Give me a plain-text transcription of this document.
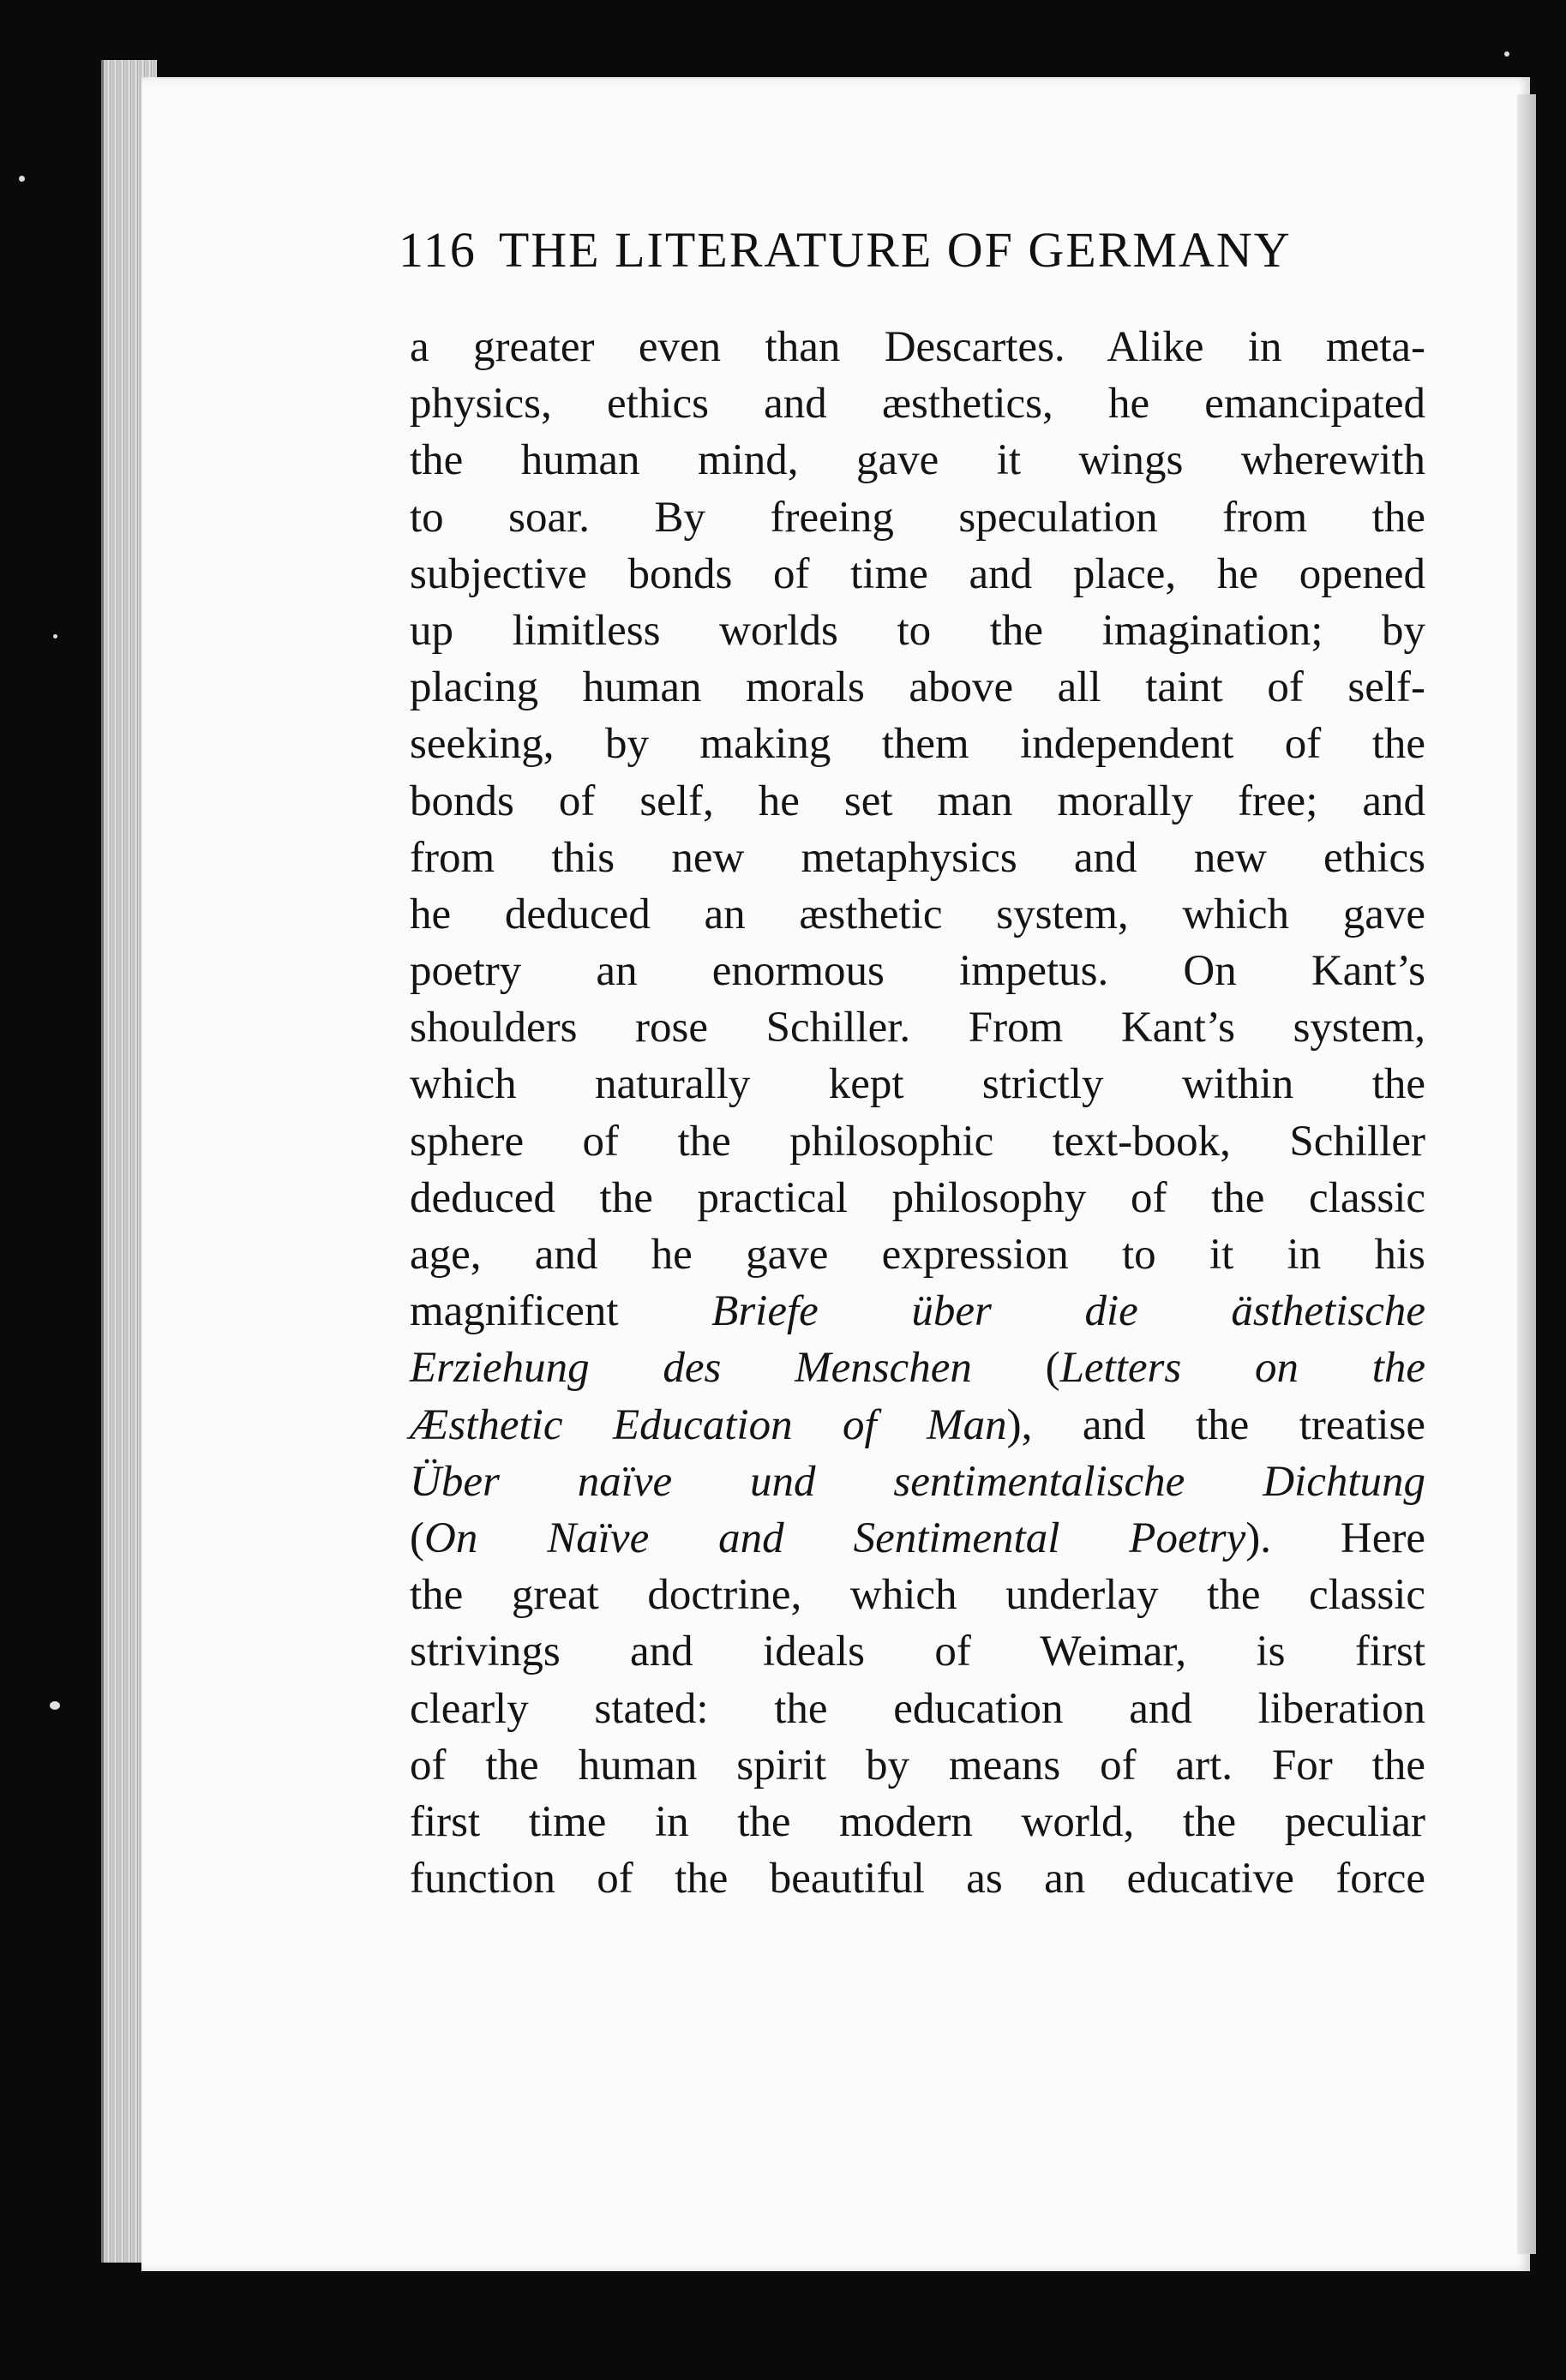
116 THE LITERATURE OF GERMANY
a greater even than Descartes. Alike in meta-
physics, ethics and æsthetics, he emancipated
the human mind, gave it wings wherewith
to soar. By freeing speculation from the
subjective bonds of time and place, he opened
up limitless worlds to the imagination; by
placing human morals above all taint of self-
seeking, by making them independent of the
bonds of self, he set man morally free; and
from this new metaphysics and new ethics
he deduced an æsthetic system, which gave
poetry an enormous impetus. On Kant’s
shoulders rose Schiller. From Kant’s system,
which naturally kept strictly within the
sphere of the philosophic text-book, Schiller
deduced the practical philosophy of the classic
age, and he gave expression to it in his
magnificent Briefe über die ästhetische
Erziehung des Menschen (Letters on the
Æsthetic Education of Man), and the treatise
Über naïve und sentimentalische Dichtung
(On Naïve and Sentimental Poetry). Here
the great doctrine, which underlay the classic
strivings and ideals of Weimar, is first
clearly stated: the education and liberation
of the human spirit by means of art. For the
first time in the modern world, the peculiar
function of the beautiful as an educative force
